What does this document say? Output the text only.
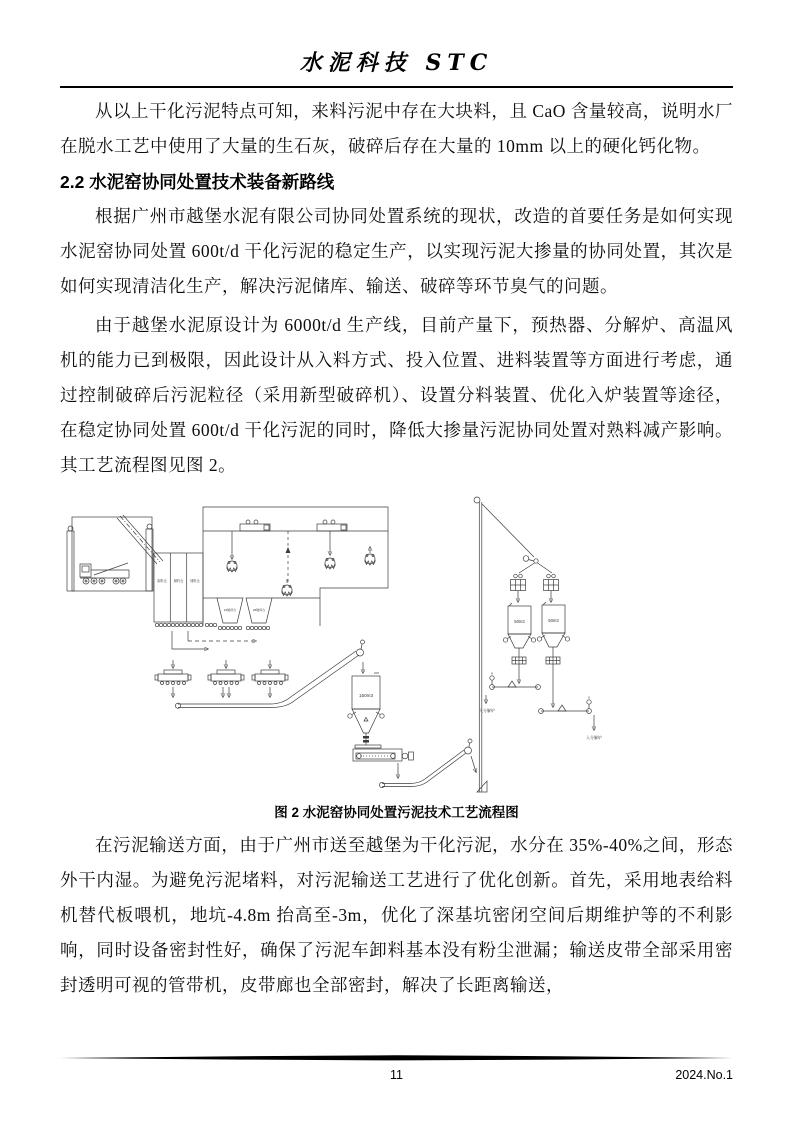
水泥科技 STC

从以上干化污泥特点可知，来料污泥中存在大块料，且 CaO 含量较高，说明水厂在脱水工艺中使用了大量的生石灰，破碎后存在大量的 10mm 以上的硬化钙化物。

2.2 水泥窑协同处置技术装备新路线

根据广州市越堡水泥有限公司协同处置系统的现状，改造的首要任务是如何实现水泥窑协同处置 600t/d 干化污泥的稳定生产，以实现污泥大掺量的协同处置，其次是如何实现清洁化生产，解决污泥储库、输送、破碎等环节臭气的问题。

由于越堡水泥原设计为 6000t/d 生产线，目前产量下，预热器、分解炉、高温风机的能力已到极限，因此设计从入料方式、投入位置、进料装置等方面进行考虑，通过控制破碎后污泥粒径（采用新型破碎机）、设置分料装置、优化入炉装置等途径，在稳定协同处置 600t/d 干化污泥的同时，降低大掺量污泥协同处置对熟料减产影响。其工艺流程图见图 2。

卸料仓 储料仓 储料仓
1#破碎仓	2#破碎仓
150m3
50m3	50m3
入分解炉
入分解炉
图 2 水泥窑协同处置污泥技术工艺流程图

在污泥输送方面，由于广州市送至越堡为干化污泥，水分在 35%-40%之间，形态外干内湿。为避免污泥堵料，对污泥输送工艺进行了优化创新。首先，采用地表给料机替代板喂机，地坑-4.8m 抬高至-3m，优化了深基坑密闭空间后期维护等的不利影响，同时设备密封性好，确保了污泥车卸料基本没有粉尘泄漏；输送皮带全部采用密封透明可视的管带机，皮带廊也全部密封，解决了长距离输送，

11	2024.No.1
